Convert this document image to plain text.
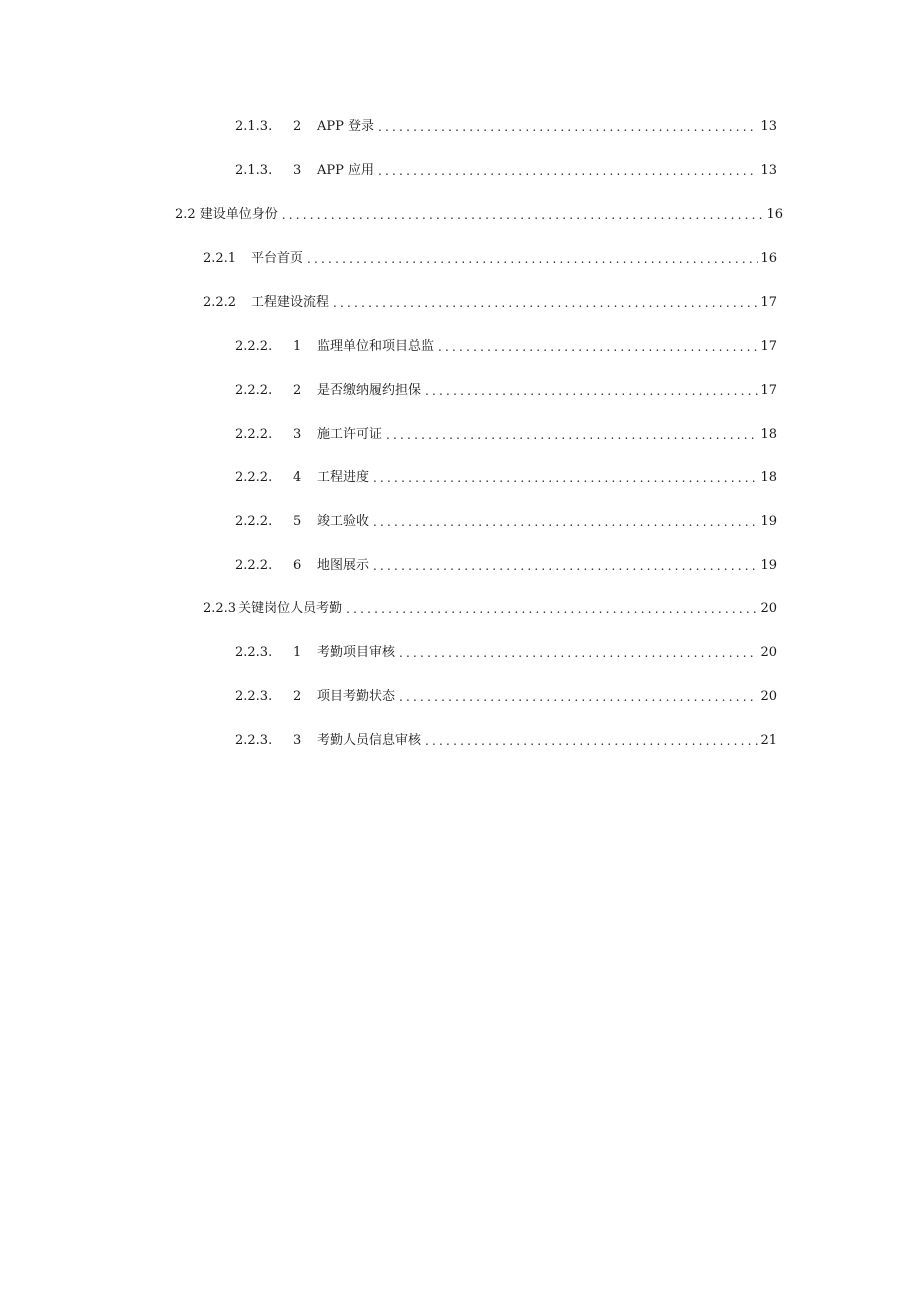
2.1.3.	2	APP 登录 .....	13
2.1.3.	3	APP 应用 .....	13
2.2 建设单位身份 .....	16
2.2.1	平台首页 .....	16
2.2.2	工程建设流程 .....	17
2.2.2.	1	监理单位和项目总监 .....	17
2.2.2.	2	是否缴纳履约担保 .....	17
2.2.2.	3	施工许可证 .....	18
2.2.2.	4	工程进度 .....	18
2.2.2.	5	竣工验收 .....	19
2.2.2.	6	地图展示 .....	19
2.2.3 关键岗位人员考勤 .....	20
2.2.3.	1	考勤项目审核 .....	20
2.2.3.	2	项目考勤状态 .....	20
2.2.3.	3	考勤人员信息审核 .....	21
